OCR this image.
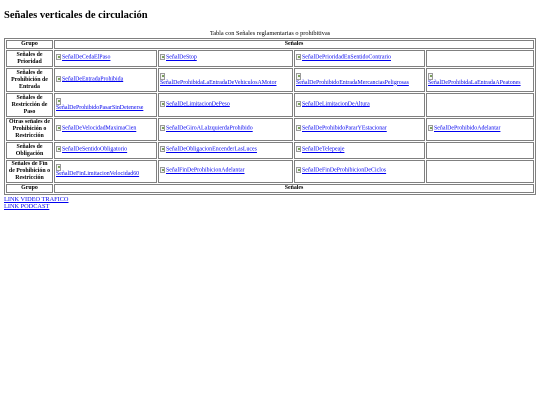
Señales verticales de circulación
Tabla con Señales reglamentarias o prohibitivas
Grupo	Señales			
Señales de Prioridad	SeñalDeCedaElPaso	SeñalDeStop	SeñalDePrioridadEnSentidoContrario	
Señales de Prohibición de Entrada	SeñalDeEntradaProhibida	SeñalDeProhibidaLaEntradaDeVehiculosAMotor	SeñalDeProhibidoEntradaMercanciasPeligrosas	SeñalDeProhibidaLaEntradaAPeatones
Señales de Restricción de Paso	SeñalDeProhibidoPasarSinDetenerse	SeñalDeLimitacionDePeso	SeñalDeLimitacionDeAltura	
Otras señales de Prohibición o Restricción	SeñalDeVelocidadMaximaCien	SeñalDeGiroALaIzquierdaProhibido	SeñalDeProhibidoPararYEstacionar	SeñalDeProhibidoAdelantar
Señales de Obligación	SeñalDeSentidoObligatorio	SeñalDeObligacionEncenderLasLuces	SeñalDeTelepeaje	
Señales de Fin de Prohibición o Restricción	SeñalDeFinLimitacionVelocidad60	SeñalFinDeProhibicionAdelantar	SeñalDeFinDeProhibicionDeCiclos	
Grupo	Señales			
LINK VIDEO TRAFICO
LINK PODCAST
